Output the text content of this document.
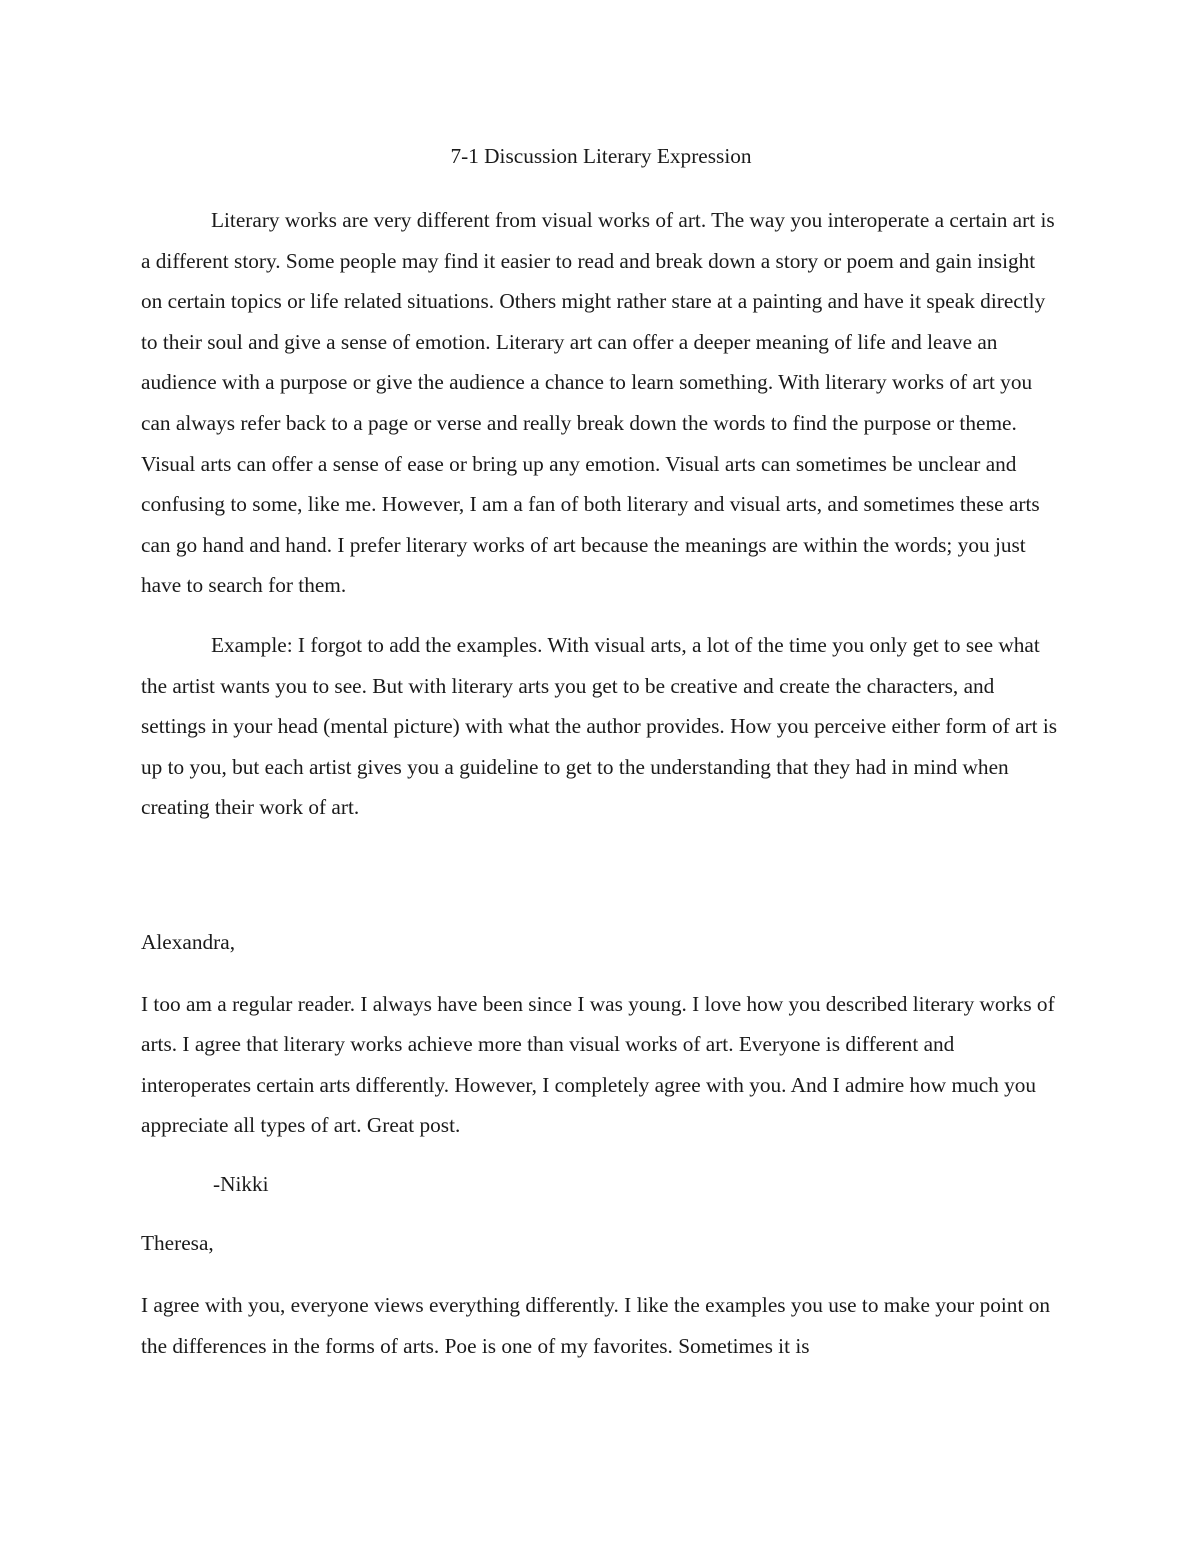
7-1 Discussion Literary Expression

Literary works are very different from visual works of art. The way you interoperate a certain art is a different story. Some people may find it easier to read and break down a story or poem and gain insight on certain topics or life related situations. Others might rather stare at a painting and have it speak directly to their soul and give a sense of emotion. Literary art can offer a deeper meaning of life and leave an audience with a purpose or give the audience a chance to learn something. With literary works of art you can always refer back to a page or verse and really break down the words to find the purpose or theme. Visual arts can offer a sense of ease or bring up any emotion. Visual arts can sometimes be unclear and confusing to some, like me. However, I am a fan of both literary and visual arts, and sometimes these arts can go hand and hand. I prefer literary works of art because the meanings are within the words; you just have to search for them.

Example: I forgot to add the examples. With visual arts, a lot of the time you only get to see what the artist wants you to see. But with literary arts you get to be creative and create the characters, and settings in your head (mental picture) with what the author provides. How you perceive either form of art is up to you, but each artist gives you a guideline to get to the understanding that they had in mind when creating their work of art.

Alexandra,

I too am a regular reader. I always have been since I was young. I love how you described literary works of arts. I agree that literary works achieve more than visual works of art. Everyone is different and interoperates certain arts differently. However, I completely agree with you. And I admire how much you appreciate all types of art. Great post.

-Nikki

Theresa,

I agree with you, everyone views everything differently. I like the examples you use to make your point on the differences in the forms of arts. Poe is one of my favorites. Sometimes it is
